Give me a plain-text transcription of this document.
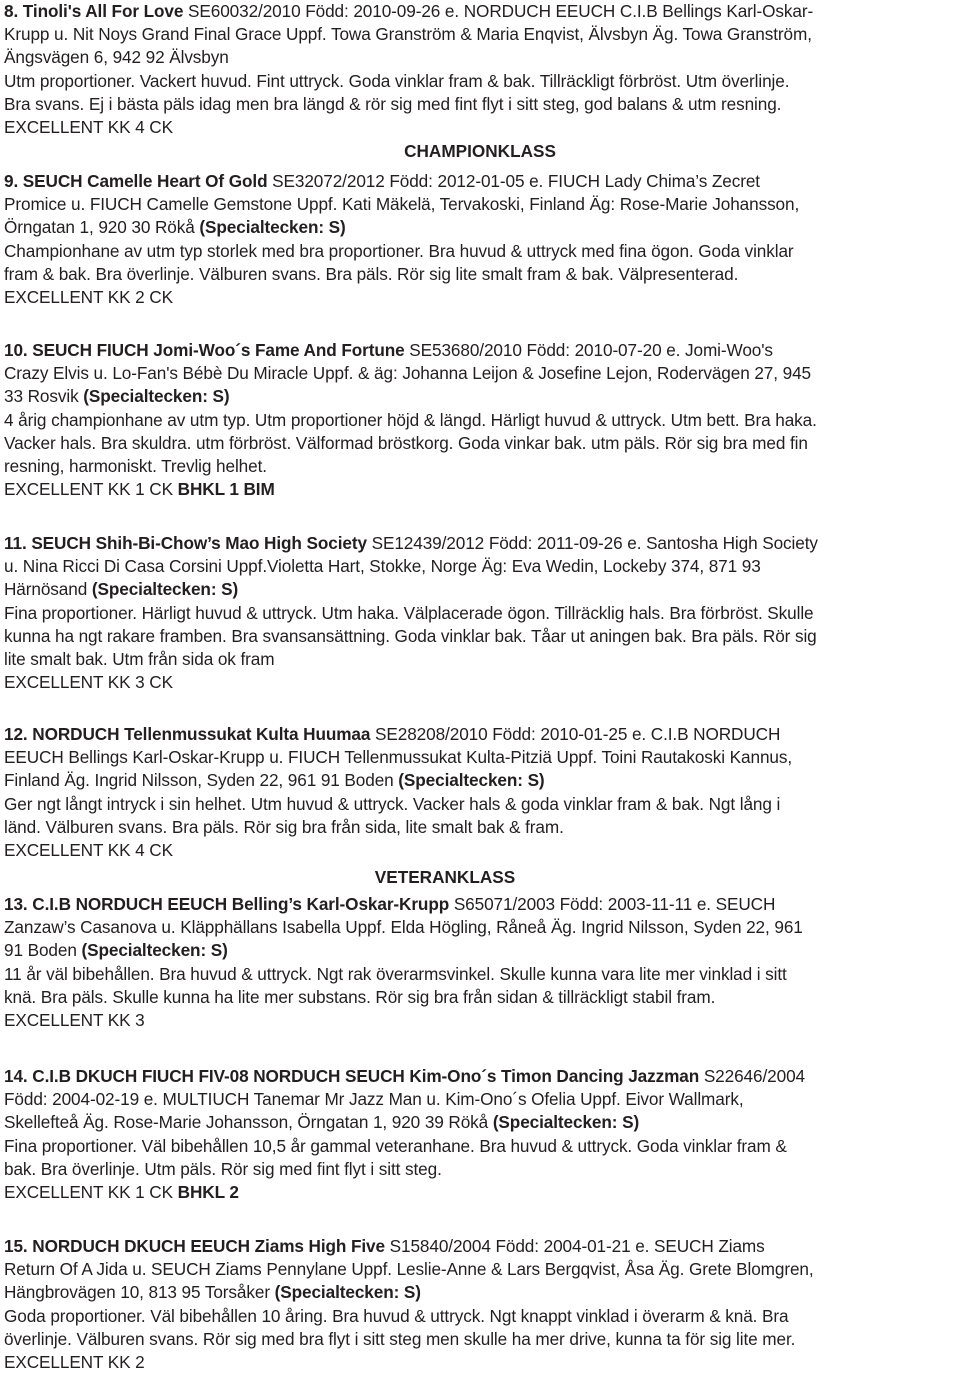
CHAMPIONKLASS
VETERANKLASS
8. Tinoli's All For Love SE60032/2010 Född: 2010-09-26 e. NORDUCH EEUCH C.I.B Bellings Karl-Oskar-
Krupp u. Nit Noys Grand Final Grace Uppf. Towa Granström & Maria Enqvist, Älvsbyn Äg. Towa Granström,
Ängsvägen 6, 942 92 Älvsbyn
Utm proportioner. Vackert huvud. Fint uttryck. Goda vinklar fram & bak. Tillräckligt förbröst. Utm överlinje.
Bra svans. Ej i bästa päls idag men bra längd & rör sig med fint flyt i sitt steg, god balans & utm resning.
EXCELLENT KK 4 CK
9. SEUCH Camelle Heart Of Gold SE32072/2012 Född: 2012-01-05 e. FIUCH Lady Chima’s Zecret
Promice u. FIUCH Camelle Gemstone Uppf. Kati Mäkelä, Tervakoski, Finland Äg: Rose-Marie Johansson,
Örngatan 1, 920 30 Rökå (Specialtecken: S)
Championhane av utm typ storlek med bra proportioner. Bra huvud & uttryck med fina ögon. Goda vinklar
fram & bak. Bra överlinje. Välburen svans. Bra päls. Rör sig lite smalt fram & bak. Välpresenterad.
EXCELLENT KK 2 CK
10. SEUCH FIUCH Jomi-Woo´s Fame And Fortune SE53680/2010 Född: 2010-07-20 e. Jomi-Woo's
Crazy Elvis u. Lo-Fan's Bébè Du Miracle Uppf. & äg: Johanna Leijon & Josefine Lejon, Rodervägen 27, 945
33 Rosvik (Specialtecken: S)
4 årig championhane av utm typ. Utm proportioner höjd & längd. Härligt huvud & uttryck. Utm bett. Bra haka.
Vacker hals. Bra skuldra. utm förbröst. Välformad bröstkorg. Goda vinkar bak. utm päls. Rör sig bra med fin
resning, harmoniskt. Trevlig helhet.
EXCELLENT KK 1 CK BHKL 1 BIM
11. SEUCH Shih-Bi-Chow’s Mao High Society SE12439/2012 Född: 2011-09-26 e. Santosha High Society
u. Nina Ricci Di Casa Corsini Uppf.Violetta Hart, Stokke, Norge Äg: Eva Wedin, Lockeby 374, 871 93
Härnösand (Specialtecken: S)
Fina proportioner. Härligt huvud & uttryck. Utm haka. Välplacerade ögon. Tillräcklig hals. Bra förbröst. Skulle
kunna ha ngt rakare framben. Bra svansansättning. Goda vinklar bak. Tåar ut aningen bak. Bra päls. Rör sig
lite smalt bak. Utm från sida ok fram
EXCELLENT KK 3 CK
12. NORDUCH Tellenmussukat Kulta Huumaa SE28208/2010 Född: 2010-01-25 e. C.I.B NORDUCH
EEUCH Bellings Karl-Oskar-Krupp u. FIUCH Tellenmussukat Kulta-Pitziä Uppf. Toini Rautakoski Kannus,
Finland Äg. Ingrid Nilsson, Syden 22, 961 91 Boden (Specialtecken: S)
Ger ngt långt intryck i sin helhet. Utm huvud & uttryck. Vacker hals & goda vinklar fram & bak. Ngt lång i
länd. Välburen svans. Bra päls. Rör sig bra från sida, lite smalt bak & fram.
EXCELLENT KK 4 CK
13. C.I.B NORDUCH EEUCH Belling’s Karl-Oskar-Krupp S65071/2003 Född: 2003-11-11 e. SEUCH
Zanzaw’s Casanova u. Kläpphällans Isabella Uppf. Elda Högling, Råneå Äg. Ingrid Nilsson, Syden 22, 961
91 Boden (Specialtecken: S)
11 år väl bibehållen. Bra huvud & uttryck. Ngt rak överarmsvinkel. Skulle kunna vara lite mer vinklad i sitt
knä. Bra päls. Skulle kunna ha lite mer substans. Rör sig bra från sidan & tillräckligt stabil fram.
EXCELLENT KK 3
14. C.I.B DKUCH FIUCH FIV-08 NORDUCH SEUCH Kim-Ono´s Timon Dancing Jazzman S22646/2004
Född: 2004-02-19 e. MULTIUCH Tanemar Mr Jazz Man u. Kim-Ono´s Ofelia Uppf. Eivor Wallmark,
Skellefteå Äg. Rose-Marie Johansson, Örngatan 1, 920 39 Rökå (Specialtecken: S)
Fina proportioner. Väl bibehållen 10,5 år gammal veteranhane. Bra huvud & uttryck. Goda vinklar fram &
bak. Bra överlinje. Utm päls. Rör sig med fint flyt i sitt steg.
EXCELLENT KK 1 CK BHKL 2
15. NORDUCH DKUCH EEUCH Ziams High Five S15840/2004 Född: 2004-01-21 e. SEUCH Ziams
Return Of A Jida u. SEUCH Ziams Pennylane Uppf. Leslie-Anne & Lars Bergqvist, Åsa Äg. Grete Blomgren,
Hängbrovägen 10, 813 95 Torsåker (Specialtecken: S)
Goda proportioner. Väl bibehållen 10 åring. Bra huvud & uttryck. Ngt knappt vinklad i överarm & knä. Bra
överlinje. Välburen svans. Rör sig med bra flyt i sitt steg men skulle ha mer drive, kunna ta för sig lite mer.
EXCELLENT KK 2
